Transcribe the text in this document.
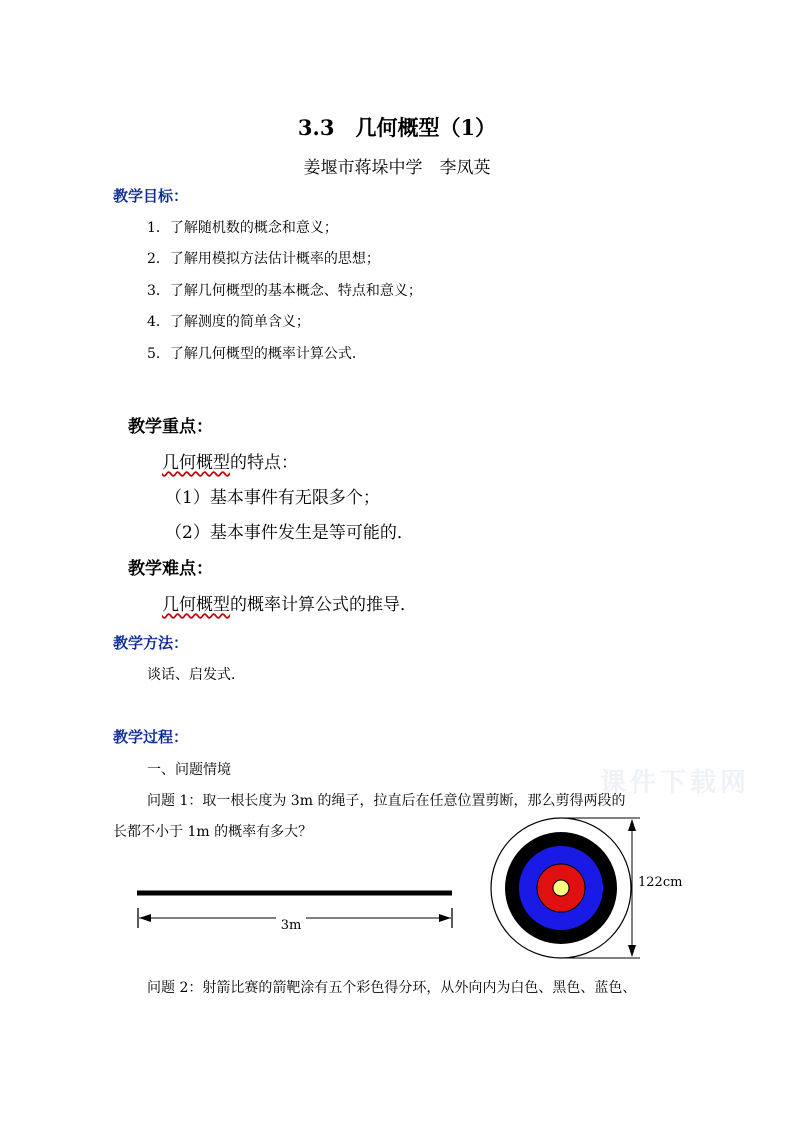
3.3　几何概型（1）
姜堰市蒋垛中学　 李凤英
教学目标：
1．了解随机数的概念和意义；
2．了解用模拟方法估计概率的思想；
3．了解几何概型的基本概念、特点和意义；
4．了解测度的简单含义；
5．了解几何概型的概率计算公式．
教学重点：
几何概型的特点：
（1）基本事件有无限多个；
（2）基本事件发生是等可能的．
教学难点：
几何概型的概率计算公式的推导．
教学方法：
谈话、启发式．
教学过程：
一、问题情境	课件下载网
问题 1：取一根长度为 3m 的绳子，拉直后在任意位置剪断，那么剪得两段的
长都不小于 1m 的概率有多大？
3m
122cm
问题 2：射箭比赛的箭靶涂有五个彩色得分环，从外向内为白色、黑色、蓝色、
